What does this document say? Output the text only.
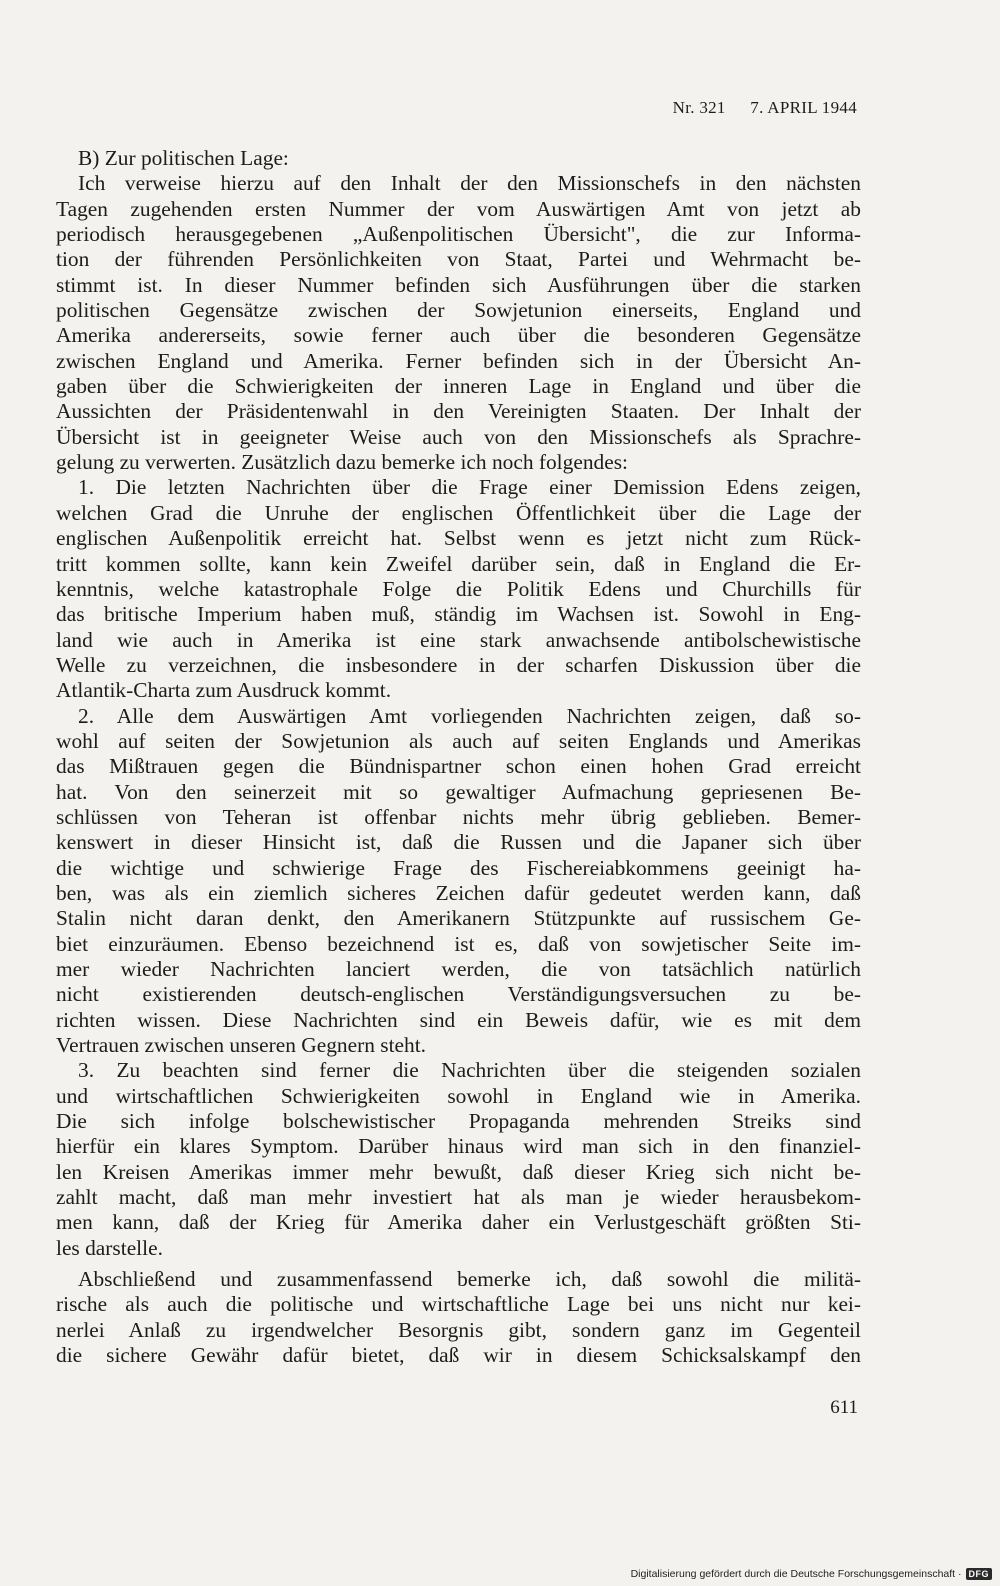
Nr. 321 7. APRIL 1944
B) Zur politischen Lage:
Ich verweise hierzu auf den Inhalt der den Missionschefs in den nächsten
Tagen zugehenden ersten Nummer der vom Auswärtigen Amt von jetzt ab
periodisch herausgegebenen „Außenpolitischen Übersicht", die zur Informa-
tion der führenden Persönlichkeiten von Staat, Partei und Wehrmacht be-
stimmt ist. In dieser Nummer befinden sich Ausführungen über die starken
politischen Gegensätze zwischen der Sowjetunion einerseits, England und
Amerika andererseits, sowie ferner auch über die besonderen Gegensätze
zwischen England und Amerika. Ferner befinden sich in der Übersicht An-
gaben über die Schwierigkeiten der inneren Lage in England und über die
Aussichten der Präsidentenwahl in den Vereinigten Staaten. Der Inhalt der
Übersicht ist in geeigneter Weise auch von den Missionschefs als Sprachre-
gelung zu verwerten. Zusätzlich dazu bemerke ich noch folgendes:
1. Die letzten Nachrichten über die Frage einer Demission Edens zeigen,
welchen Grad die Unruhe der englischen Öffentlichkeit über die Lage der
englischen Außenpolitik erreicht hat. Selbst wenn es jetzt nicht zum Rück-
tritt kommen sollte, kann kein Zweifel darüber sein, daß in England die Er-
kenntnis, welche katastrophale Folge die Politik Edens und Churchills für
das britische Imperium haben muß, ständig im Wachsen ist. Sowohl in Eng-
land wie auch in Amerika ist eine stark anwachsende antibolschewistische
Welle zu verzeichnen, die insbesondere in der scharfen Diskussion über die
Atlantik-Charta zum Ausdruck kommt.
2. Alle dem Auswärtigen Amt vorliegenden Nachrichten zeigen, daß so-
wohl auf seiten der Sowjetunion als auch auf seiten Englands und Amerikas
das Mißtrauen gegen die Bündnispartner schon einen hohen Grad erreicht
hat. Von den seinerzeit mit so gewaltiger Aufmachung gepriesenen Be-
schlüssen von Teheran ist offenbar nichts mehr übrig geblieben. Bemer-
kenswert in dieser Hinsicht ist, daß die Russen und die Japaner sich über
die wichtige und schwierige Frage des Fischereiabkommens geeinigt ha-
ben, was als ein ziemlich sicheres Zeichen dafür gedeutet werden kann, daß
Stalin nicht daran denkt, den Amerikanern Stützpunkte auf russischem Ge-
biet einzuräumen. Ebenso bezeichnend ist es, daß von sowjetischer Seite im-
mer wieder Nachrichten lanciert werden, die von tatsächlich natürlich
nicht existierenden deutsch-englischen Verständigungsversuchen zu be-
richten wissen. Diese Nachrichten sind ein Beweis dafür, wie es mit dem
Vertrauen zwischen unseren Gegnern steht.
3. Zu beachten sind ferner die Nachrichten über die steigenden sozialen
und wirtschaftlichen Schwierigkeiten sowohl in England wie in Amerika.
Die sich infolge bolschewistischer Propaganda mehrenden Streiks sind
hierfür ein klares Symptom. Darüber hinaus wird man sich in den finanziel-
len Kreisen Amerikas immer mehr bewußt, daß dieser Krieg sich nicht be-
zahlt macht, daß man mehr investiert hat als man je wieder herausbekom-
men kann, daß der Krieg für Amerika daher ein Verlustgeschäft größten Sti-
les darstelle.
Abschließend und zusammenfassend bemerke ich, daß sowohl die militä-
rische als auch die politische und wirtschaftliche Lage bei uns nicht nur kei-
nerlei Anlaß zu irgendwelcher Besorgnis gibt, sondern ganz im Gegenteil
die sichere Gewähr dafür bietet, daß wir in diesem Schicksalskampf den
611
Digitalisierung gefördert durch die Deutsche Forschungsgemeinschaft · DFG
